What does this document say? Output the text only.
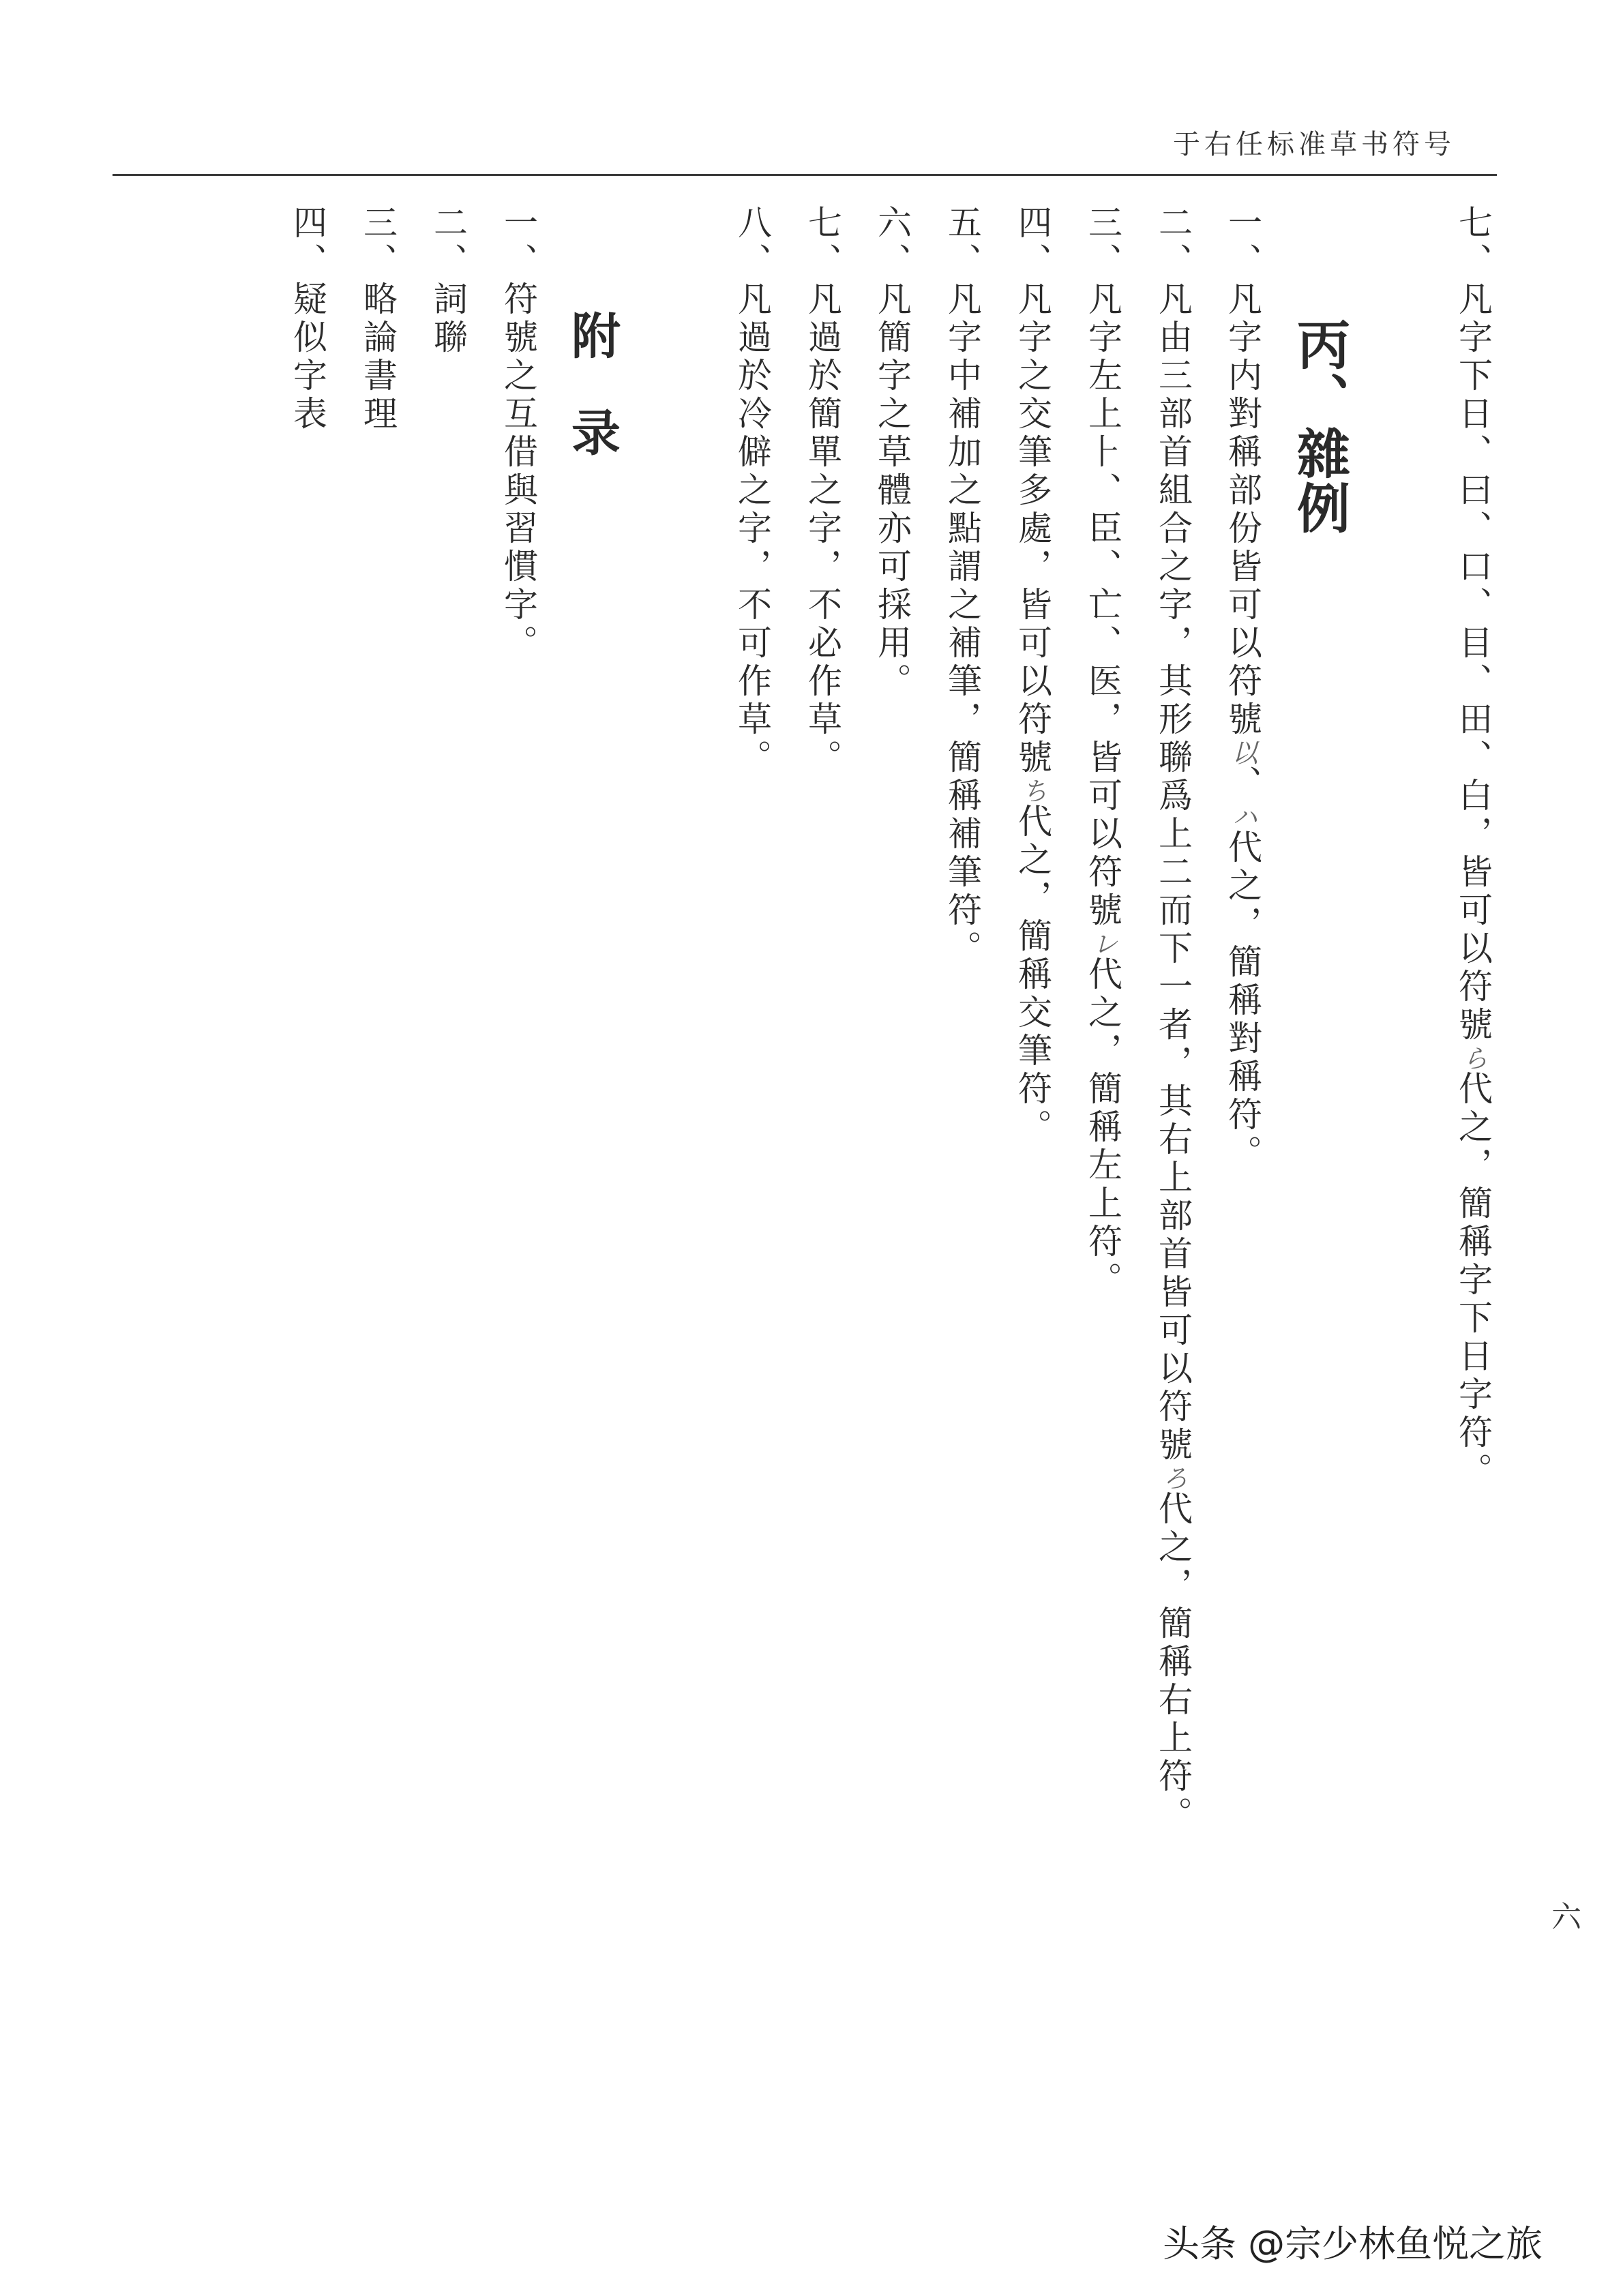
于右任标准草书符号
七、凡字下日、曰、口、目、田、白，皆可以符號ら代之，簡稱字下日字符。
丙、雜例
一、凡字内對稱部份皆可以符號以、ハ代之，簡稱對稱符。
二、凡由三部首組合之字，其形聯爲上二而下一者，其右上部首皆可以符號ろ代之，簡稱右上符。
三、凡字左上⺊、臣、亡、医，皆可以符號レ代之，簡稱左上符。
四、凡字之交筆多處，皆可以符號ち代之，簡稱交筆符。
五、凡字中補加之點謂之補筆，簡稱補筆符。
六、凡簡字之草體亦可採用。
七、凡過於簡單之字，不必作草。
八、凡過於冷僻之字，不可作草。
附录
一、符號之互借與習慣字。
二、詞聯
三、略論書理
四、疑似字表
六
头条 @宗少林鱼悦之旅
